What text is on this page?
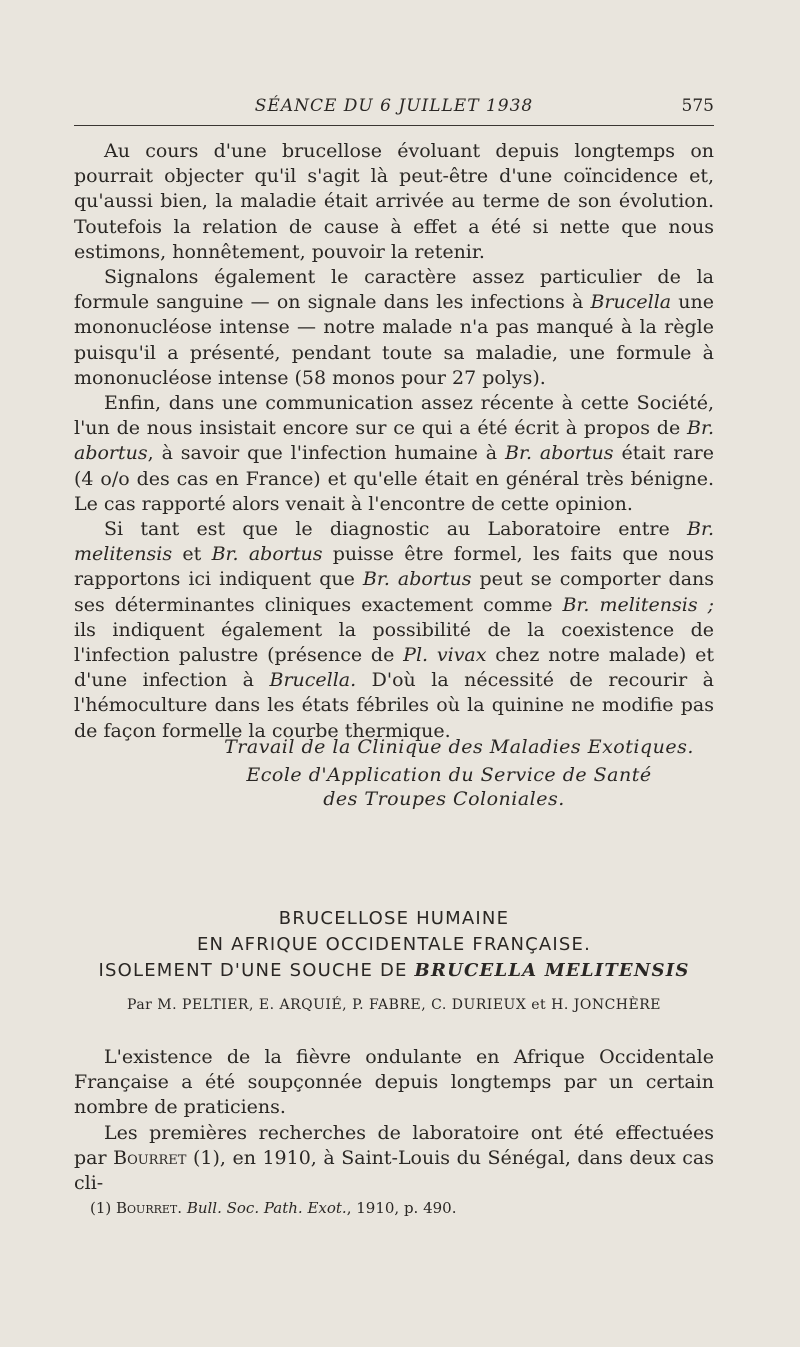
SÉANCE DU 6 JUILLET 1938	575

Au cours d'une brucellose évoluant depuis longtemps on pourrait objecter qu'il s'agit là peut-être d'une coïncidence et, qu'aussi bien, la maladie était arrivée au terme de son évolution. Toutefois la relation de cause à effet a été si nette que nous estimons, honnêtement, pouvoir la retenir.

Signalons également le caractère assez particulier de la formule sanguine — on signale dans les infections à Brucella une mononucléose intense — notre malade n'a pas manqué à la règle puisqu'il a présenté, pendant toute sa maladie, une formule à mononucléose intense (58 monos pour 27 polys).

Enfin, dans une communication assez récente à cette Société, l'un de nous insistait encore sur ce qui a été écrit à propos de Br. abortus, à savoir que l'infection humaine à Br. abortus était rare (4 o/o des cas en France) et qu'elle était en général très bénigne. Le cas rapporté alors venait à l'encontre de cette opinion.

Si tant est que le diagnostic au Laboratoire entre Br. melitensis et Br. abortus puisse être formel, les faits que nous rapportons ici indiquent que Br. abortus peut se comporter dans ses déterminantes cliniques exactement comme Br. melitensis ; ils indiquent également la possibilité de la coexistence de l'infection palustre (présence de Pl. vivax chez notre malade) et d'une infection à Brucella. D'où la nécessité de recourir à l'hémoculture dans les états fébriles où la quinine ne modifie pas de façon formelle la courbe thermique.

Travail de la Clinique des Maladies Exotiques.
Ecole d'Application du Service de Santé
des Troupes Coloniales.
BRUCELLOSE HUMAINE
EN AFRIQUE OCCIDENTALE FRANÇAISE.
ISOLEMENT D'UNE SOUCHE DE BRUCELLA MELITENSIS
Par M. PELTIER, E. ARQUIÉ, P. FABRE, C. DURIEUX et H. JONCHÈRE

L'existence de la fièvre ondulante en Afrique Occidentale Française a été soupçonnée depuis longtemps par un certain nombre de praticiens.

Les premières recherches de laboratoire ont été effectuées par Bourret (1), en 1910, à Saint-Louis du Sénégal, dans deux cas cli-

(1) Bourret. Bull. Soc. Path. Exot., 1910, p. 490.
